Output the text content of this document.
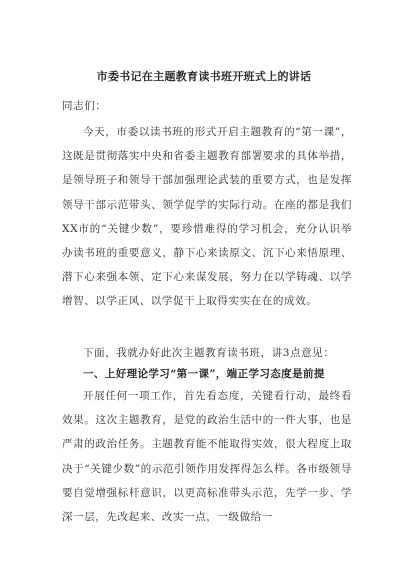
市委书记在主题教育读书班开班式上的讲话
同志们：
今天，市委以读书班的形式开启主题教育的“第一课”，这既是贯彻落实中央和省委主题教育部署要求的具体举措，是领导班子和领导干部加强理论武装的重要方式，也是发挥领导干部示范带头、领学促学的实际行动。在座的都是我们XX市的“关键少数”，要珍惜难得的学习机会，充分认识举办读书班的重要意义，静下心来读原文、沉下心来悟原理、潜下心来强本领、定下心来谋发展，努力在以学铸魂、以学增智、以学正风、以学促干上取得实实在在的成效。
下面，我就办好此次主题教育读书班，讲3点意见：
一、上好理论学习“第一课”，端正学习态度是前提
开展任何一项工作，首先看态度，关键看行动，最终看效果。这次主题教育，是党的政治生活中的一件大事，也是严肃的政治任务。主题教育能不能取得实效，很大程度上取决于“关键少数”的示范引领作用发挥得怎么样。各市级领导要自觉增强标杆意识，以更高标准带头示范，先学一步、学深一层，先改起来、改实一点，一级做给一
